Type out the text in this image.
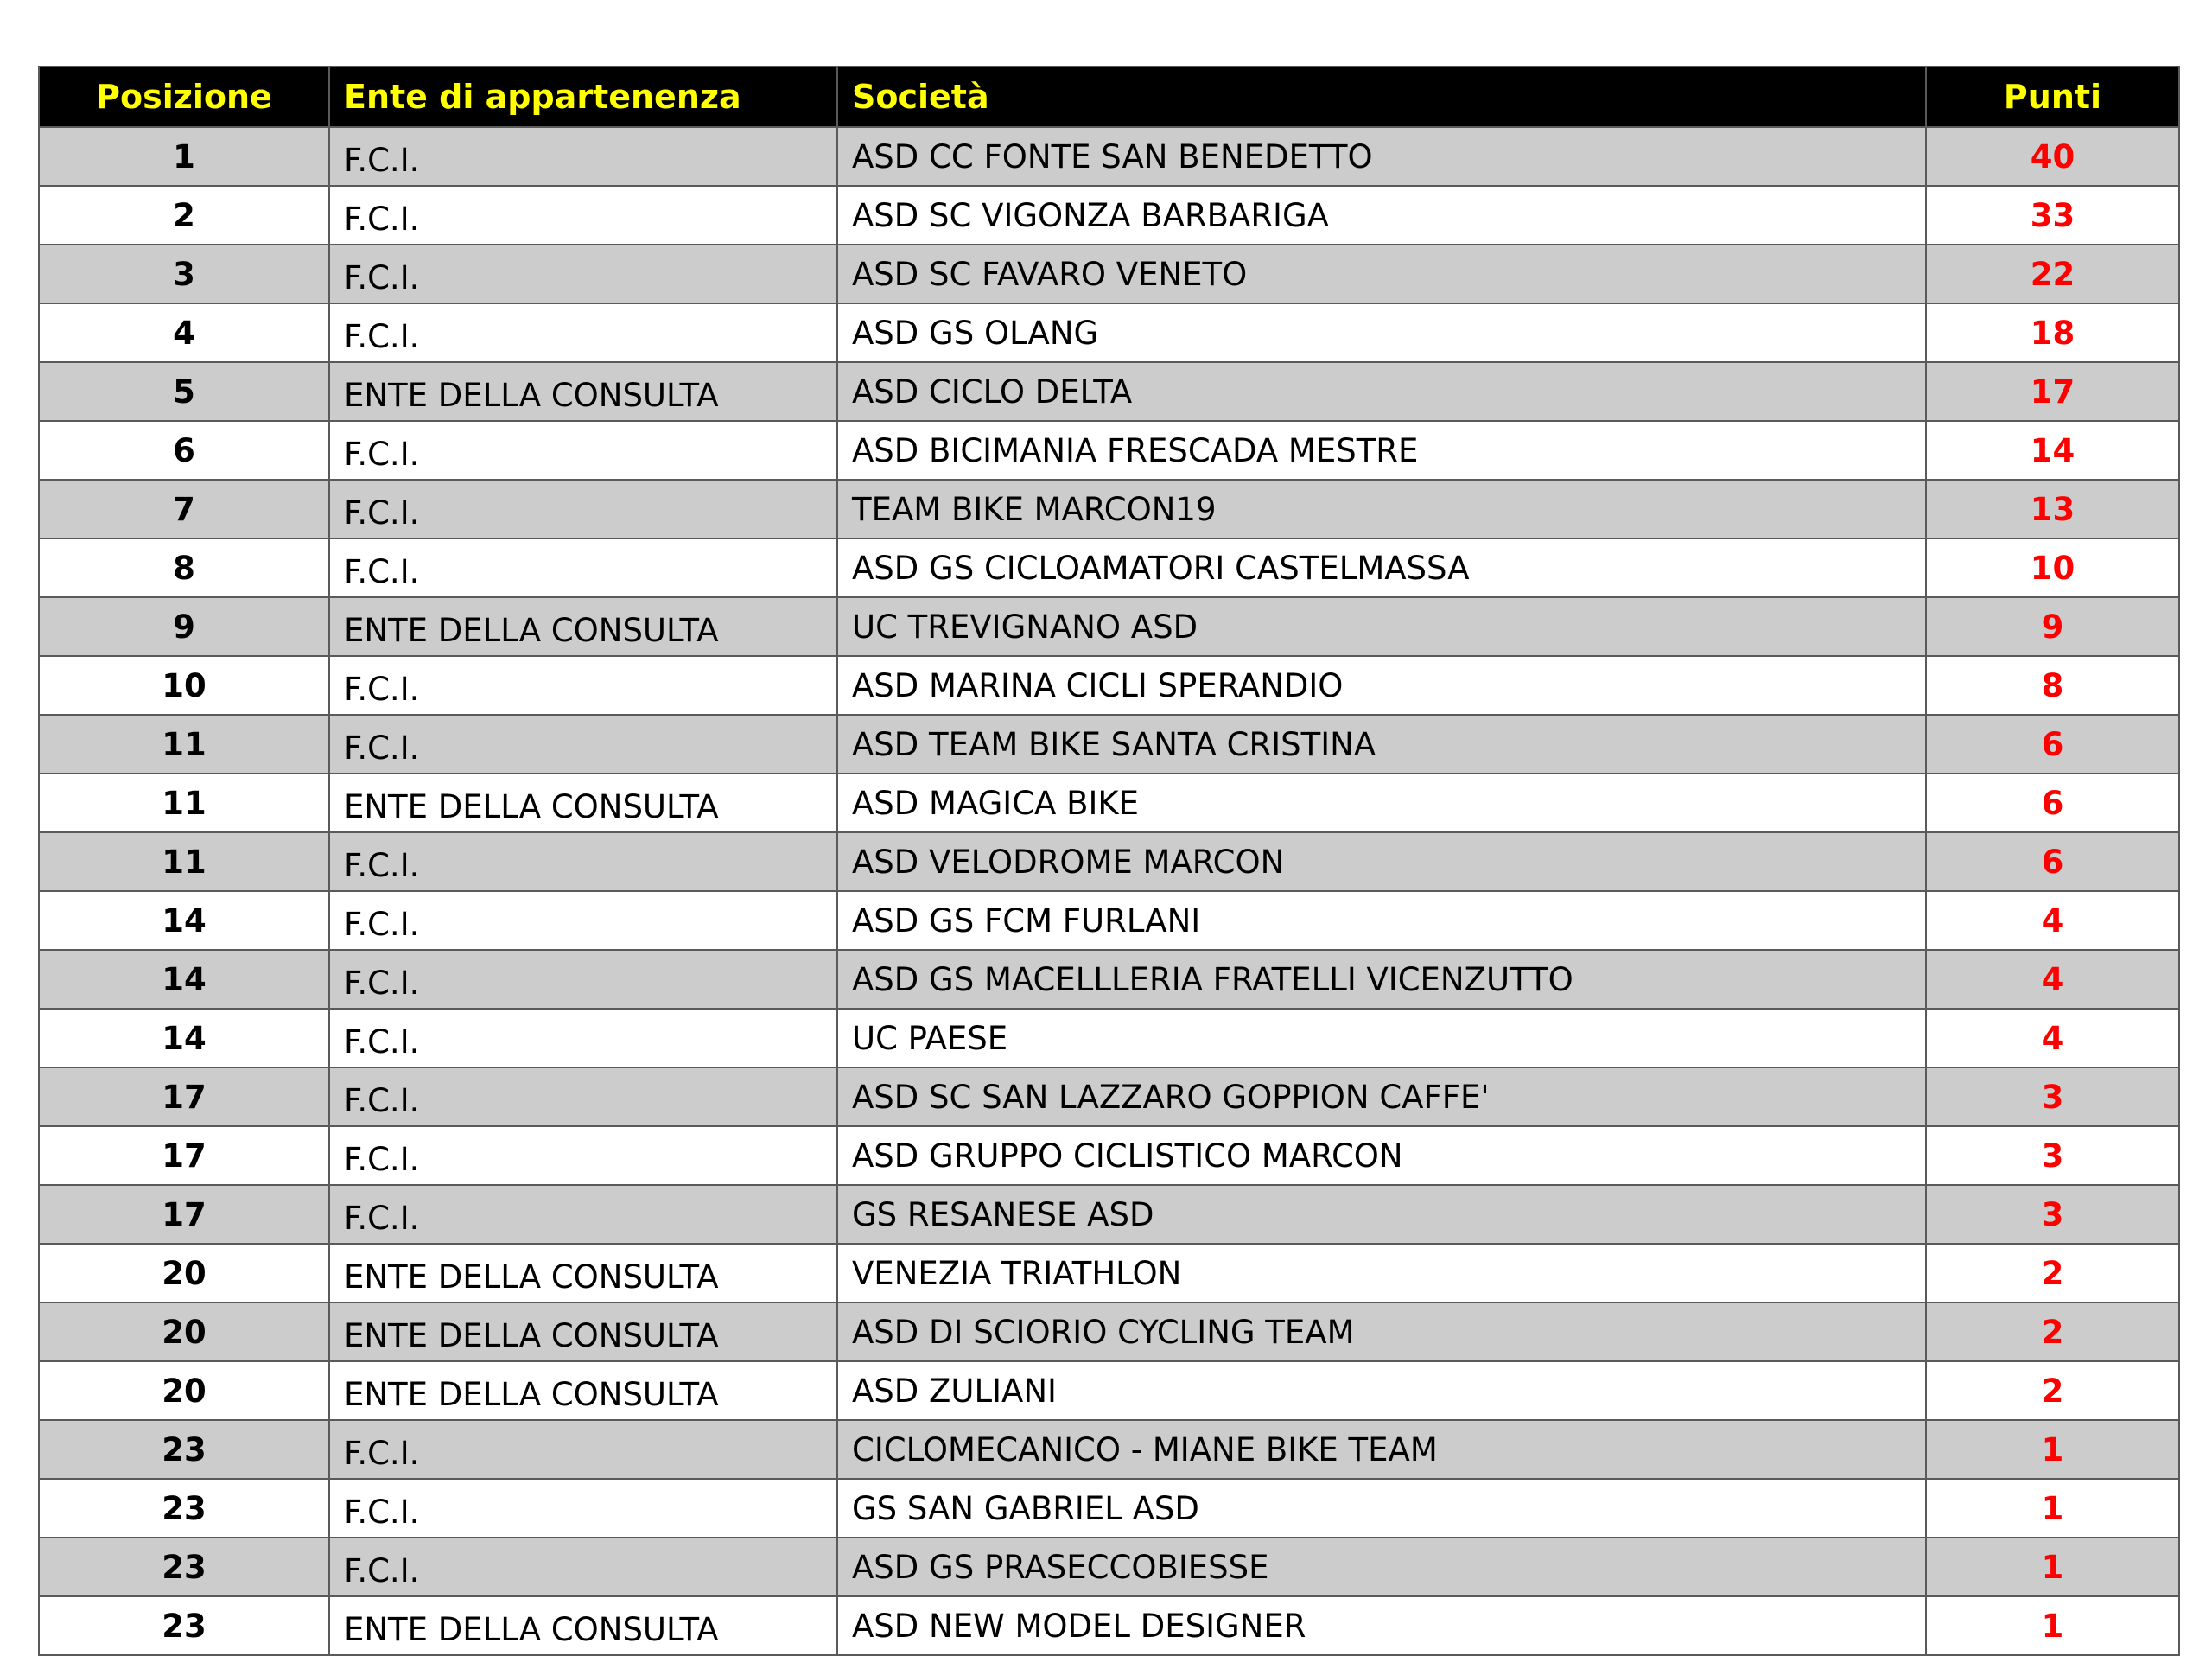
Posizione	Ente di appartenenza	Società	Punti
1	F.C.I.	ASD CC FONTE SAN BENEDETTO	40
2	F.C.I.	ASD SC VIGONZA BARBARIGA	33
3	F.C.I.	ASD SC FAVARO VENETO	22
4	F.C.I.	ASD GS OLANG	18
5	ENTE DELLA CONSULTA	ASD CICLO DELTA	17
6	F.C.I.	ASD BICIMANIA FRESCADA MESTRE	14
7	F.C.I.	TEAM BIKE MARCON19	13
8	F.C.I.	ASD GS CICLOAMATORI CASTELMASSA	10
9	ENTE DELLA CONSULTA	UC TREVIGNANO ASD	9
10	F.C.I.	ASD MARINA CICLI SPERANDIO	8
11	F.C.I.	ASD TEAM BIKE SANTA CRISTINA	6
11	ENTE DELLA CONSULTA	ASD MAGICA BIKE	6
11	F.C.I.	ASD VELODROME MARCON	6
14	F.C.I.	ASD GS FCM FURLANI	4
14	F.C.I.	ASD GS MACELLLERIA FRATELLI VICENZUTTO	4
14	F.C.I.	UC PAESE	4
17	F.C.I.	ASD SC SAN LAZZARO GOPPION CAFFE'	3
17	F.C.I.	ASD GRUPPO CICLISTICO MARCON	3
17	F.C.I.	GS RESANESE ASD	3
20	ENTE DELLA CONSULTA	VENEZIA TRIATHLON	2
20	ENTE DELLA CONSULTA	ASD DI SCIORIO CYCLING TEAM	2
20	ENTE DELLA CONSULTA	ASD ZULIANI	2
23	F.C.I.	CICLOMECANICO - MIANE BIKE TEAM	1
23	F.C.I.	GS SAN GABRIEL ASD	1
23	F.C.I.	ASD GS PRASECCOBIESSE	1
23	ENTE DELLA CONSULTA	ASD NEW MODEL DESIGNER	1
